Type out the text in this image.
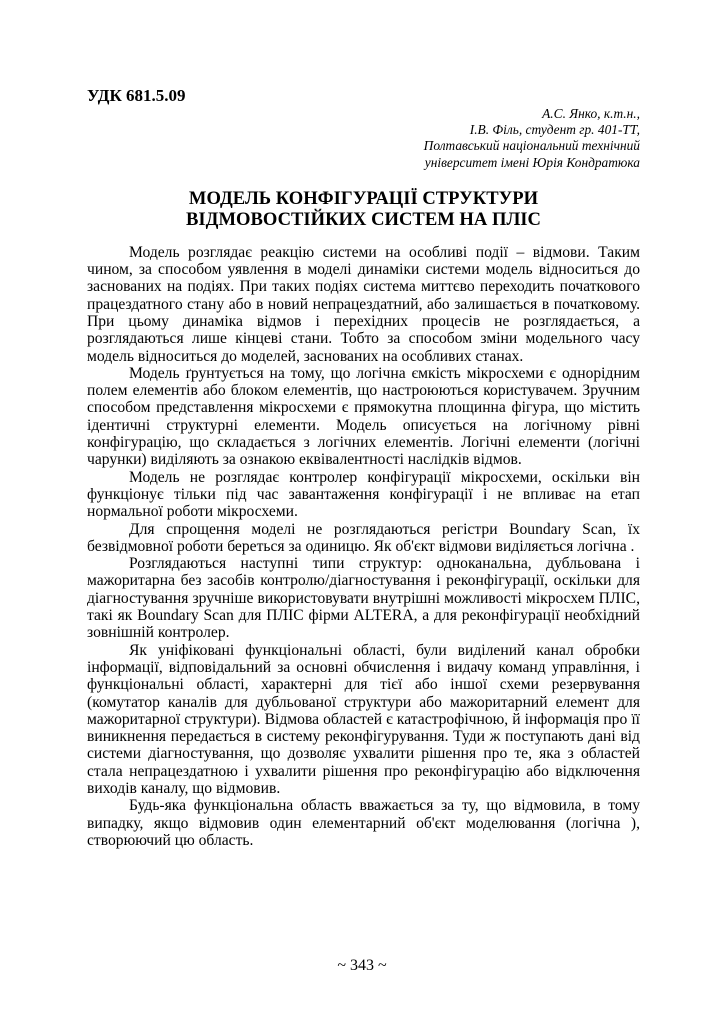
УДК 681.5.09
А.С. Янко, к.т.н.,
І.В. Філь, студент гр. 401-ТТ,
Полтавський національний технічний
університет імені Юрія Кондратюка
МОДЕЛЬ КОНФІГУРАЦІЇ СТРУКТУРИ
ВІДМОВОСТІЙКИХ СИСТЕМ НА ПЛІС

Модель розглядає реакцію системи на особливі події – відмови. Таким чином, за способом уявлення в моделі динаміки системи модель відноситься до заснованих на подіях. При таких подіях система миттєво переходить початкового працездатного стану або в новий непрацездатний, або залишається в початковому. При цьому динаміка відмов і перехідних процесів не розглядається, а розглядаються лише кінцеві стани. Тобто за способом зміни модельного часу модель відноситься до моделей, заснованих на особливих станах.

Модель ґрунтується на тому, що логічна ємкість мікросхеми є однорідним полем елементів або блоком елементів, що настроюються користувачем. Зручним способом представлення мікросхеми є прямокутна площинна фігура, що містить ідентичні структурні елементи. Модель описується на логічному рівні конфігурацію, що складається з логічних елементів. Логічні елементи (логічні чарунки) виділяють за ознакою еквівалентності наслідків відмов.

Модель не розглядає контролер конфігурації мікросхеми, оскільки він функціонує тільки під час завантаження конфігурації і не впливає на етап нормальної роботи мікросхеми.

Для спрощення моделі не розглядаються регістри Boundary Scan, їх безвідмовної роботи береться за одиницю. Як об'єкт відмови виділяється логічна .

Розглядаються наступні типи структур: одноканальна, дубльована і мажоритарна без засобів контролю/діагностування і реконфігурації, оскільки для діагностування зручніше використовувати внутрішні можливості мікросхем ПЛІС, такі як Boundary Scan для ПЛІС фірми ALTERA, а для реконфігурації необхідний зовнішній контролер.

Як уніфіковані функціональні області, були виділений канал обробки інформації, відповідальний за основні обчислення і видачу команд управління, і функціональні області, характерні для тієї або іншої схеми резервування (комутатор каналів для дубльованої структури або мажоритарний елемент для мажоритарної структури). Відмова областей є катастрофічною, й інформація про її виникнення передається в систему реконфігурування. Туди ж поступають дані від системи діагностування, що дозволяє ухвалити рішення про те, яка з областей стала непрацездатною і ухвалити рішення про реконфігурацію або відключення виходів каналу, що відмовив.

Будь-яка функціональна область вважається за ту, що відмовила, в тому випадку, якщо відмовив один елементарний об'єкт моделювання (логічна ), створюючий цю область.

~ 343 ~
